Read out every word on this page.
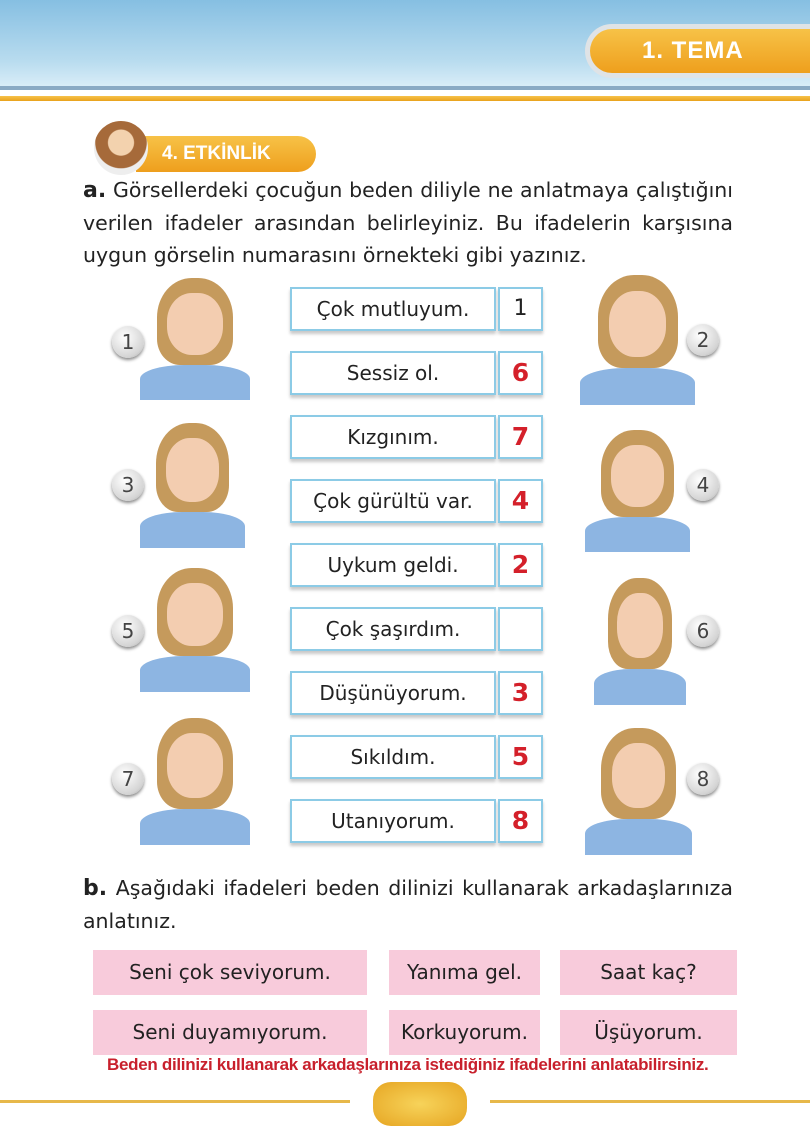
1. TEMA
4. ETKİNLİK
a. Görsellerdeki çocuğun beden diliyle ne anlatmaya çalıştığını verilen ifadeler arasından belirleyiniz. Bu ifadelerin karşısına uygun görselin numarasını örnekteki gibi yazınız.
Çok mutluyum.	1
Sessiz ol.	6
Kızgınım.	7
Çok gürültü var.	4
Uykum geldi.	2
Çok şaşırdım.
Düşünüyorum.	3
Sıkıldım.	5
Utanıyorum.	8
1	2
3	4
5	6
7	8
b. Aşağıdaki ifadeleri beden dilinizi kullanarak arkadaşlarınıza anlatınız.
Seni çok seviyorum.	Yanıma gel.	Saat kaç?
Seni duyamıyorum.	Korkuyorum.	Üşüyorum.
Beden dilinizi kullanarak arkadaşlarınıza istediğiniz ifadelerini anlatabilirsiniz.
